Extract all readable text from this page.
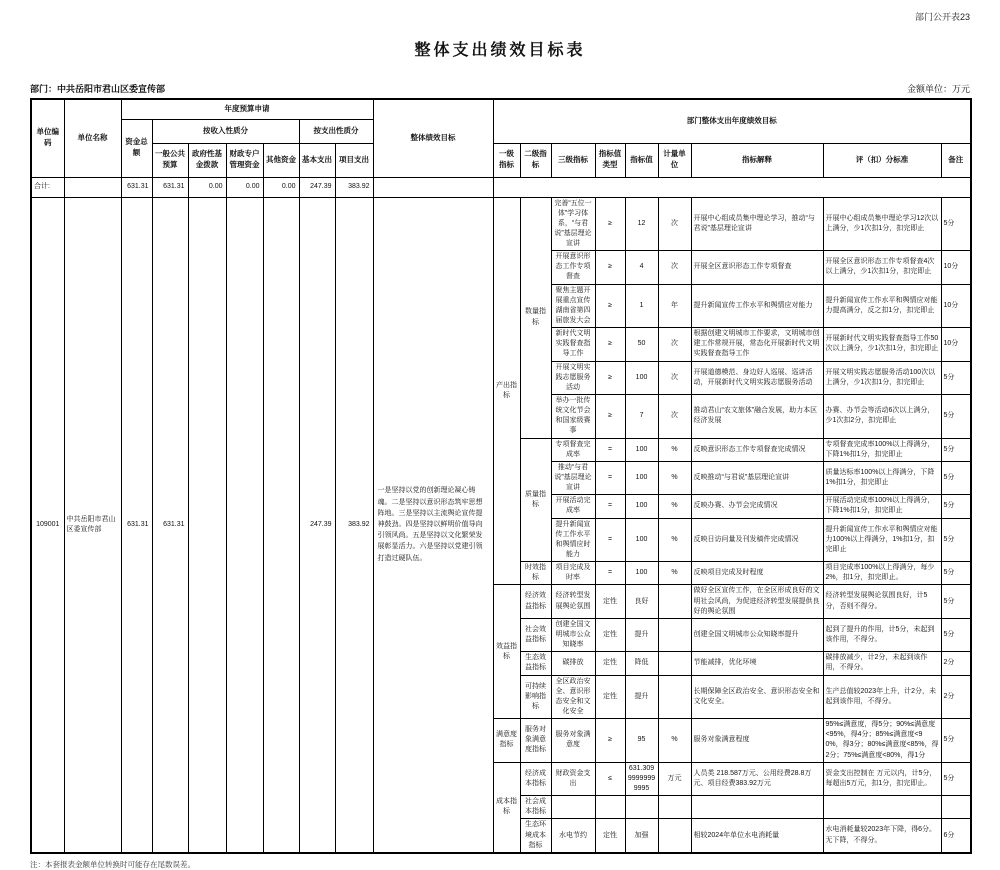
部门公开表23
整体支出绩效目标表
部门：中共岳阳市君山区委宣传部	金额单位：万元
单位编码	单位名称	年度预算申请							整体绩效目标	部门整体支出年度绩效目标								
		资金总额	按收入性质分				按支出性质分											
			一般公共预算	政府性基金拨款	财政专户管理资金	其他资金	基本支出	项目支出		一级指标	二级指标	三级指标	指标值类型	指标值	计量单位	指标解释	评（扣）分标准	备注
合计:		631.31	631.31	0.00	0.00	0.00	247.39	383.92										
109001	中共岳阳市君山区委宣传部	631.31	631.31				247.39	383.92	一是坚持以党的创新理论凝心铸魂。二是坚持以意识形态筑牢思想阵地。三是坚持以主流舆论宣传提神鼓劲。四是坚持以鲜明价值导向引领风尚。五是坚持以文化繁荣发展彰显活力。六是坚持以党建引领打造过硬队伍。	产出指标	数量指标	完善“五位一体”学习体系，“与君说”基层理论宣讲	≥	12	次	开展中心组成员集中理论学习，推动“与君说”基层理论宣讲	开展中心组成员集中理论学习12次以上满分，少1次扣1分，扣完即止	5分
												开展意识形态工作专项督查	≥	4	次	开展全区意识形态工作专项督查	开展全区意识形态工作专项督查4次以上满分，少1次扣1分，扣完即止	10分
												聚焦主题开展重点宣传湖南省第四届旅发大会	≥	1	年	提升新闻宣传工作水平和舆情应对能力	提升新闻宣传工作水平和舆情应对能力提高满分，反之扣1分，扣完即止	10分
												新时代文明实践督查指导工作	≥	50	次	根据创建文明城市工作要求，文明城市创建工作常规开展，常态化开展新时代文明实践督查指导工作	开展新时代文明实践督查指导工作50次以上满分，少1次扣1分，扣完即止	10分
												开展文明实践志愿服务活动	≥	100	次	开展道德模范、身边好人巡展、巡讲活动，开展新时代文明实践志愿服务活动	开展文明实践志愿服务活动100次以上满分，少1次扣1分，扣完即止	5分
												举办一批传统文化节会和国家级赛事	≥	7	次	推动君山“农文旅体”融合发展，助力本区经济发展	办赛、办节会等活动6次以上满分，少1次扣2分，扣完即止	5分
											质量指标	专项督查完成率	=	100	%	反映意识形态工作专项督查完成情况	专项督查完成率100%以上得满分，下降1%扣1分，扣完即止	5分
												推动“与君说”基层理论宣讲	=	100	%	反映推动“与君说”基层理论宣讲	质量达标率100%以上得满分，下降1%扣1分，扣完即止	5分
												开展活动完成率	=	100	%	反映办赛、办节会完成情况	开展活动完成率100%以上得满分，下降1%扣1分，扣完即止	5分
												提升新闻宣传工作水平和舆情应时能力	=	100	%	反映日访问量及刊发稿件完成情况	提升新闻宣传工作水平和舆情应对能力100%以上得满分，1%扣1分，扣完即止	5分
											时效指标	项目完成及时率	=	100	%	反映项目完成及时程度	项目完成率100%以上得满分，每少2%，扣1分，扣完即止。	5分
										效益指标	经济效益指标	经济转型发展舆论氛围	定性	良好		做好全区宣传工作，在全区形成良好的文明社会风尚，为促进经济转型发展提供良好的舆论氛围	经济转型发展舆论氛围良好，计5分，否则不得分。	5分
											社会效益指标	创建全国文明城市公众知晓率	定性	提升		创建全国文明城市公众知晓率提升	起到了提升的作用，计5分，未起到该作用，不得分。	5分
											生态效益指标	碳排放	定性	降低		节能减排，优化环境	碳排放减少，计2分，未起到该作用，不得分。	2分
											可持续影响指标	全区政治安全、意识形态安全和文化安全	定性	提升		长期保障全区政治安全、意识形态安全和文化安全。	生产总值较2023年上升，计2分，未起到该作用，不得分。	2分
										满意度指标	服务对象满意度指标	服务对象满意度	≥	95	%	服务对象满意程度	95%≤满意度，得5分；90%≤满意度<95%，得4分；85%≤满意度<90%，得3分；80%≤满意度<85%，得2分；75%≤满意度<80%，得1分	5分
										成本指标	经济成本指标	财政资金支出	≤	631.30999999999995	万元	人员类 218.587万元、公用经费28.8万元、项目经费383.92万元	资金支出控制在 万元以内，计5分，每超出5万元，扣1分，扣完即止。	5分
											社会成本指标							
											生态环境成本指标	水电节约	定性	加强		相较2024年单位水电消耗量	水电消耗量较2023年下降，得6分。无下降，不得分。	6分
注：本套报表金额单位转换时可能存在尾数误差。
